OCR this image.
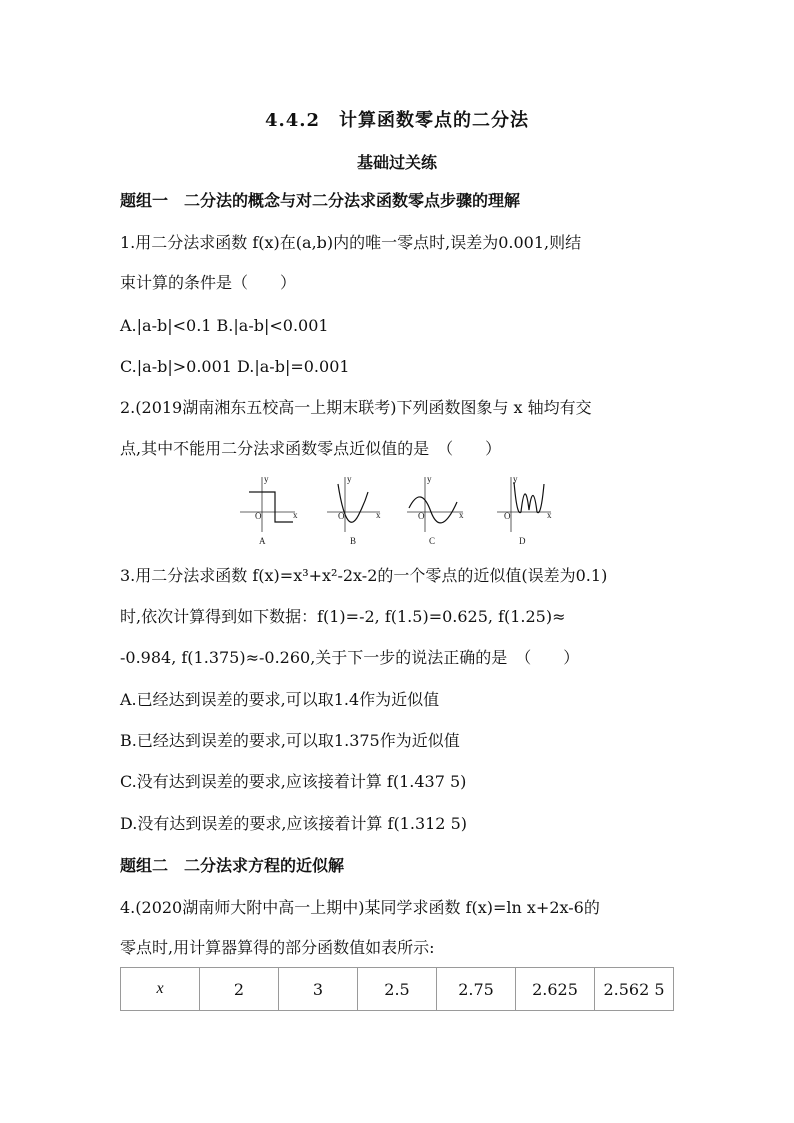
4.4.2　计算函数零点的二分法
基础过关练
题组一　二分法的概念与对二分法求函数零点步骤的理解
1.用二分法求函数 f(x)在(a,b)内的唯一零点时,误差为0.001,则结
束计算的条件是（　　）
A.|a-b|<0.1 B.|a-b|<0.001
C.|a-b|>0.001 D.|a-b|=0.001
2.(2019湖南湘东五校高一上期末联考)下列函数图象与 x 轴均有交
点,其中不能用二分法求函数零点近似值的是　（　　）
x
y
O
A
x
y
O
B
x
y
O
C
x
y
O
D
3.用二分法求函数 f(x)=x³+x²-2x-2的一个零点的近似值(误差为0.1)
时,依次计算得到如下数据：f(1)=-2, f(1.5)=0.625, f(1.25)≈
-0.984, f(1.375)≈-0.260,关于下一步的说法正确的是　（　　）
A.已经达到误差的要求,可以取1.4作为近似值
B.已经达到误差的要求,可以取1.375作为近似值
C.没有达到误差的要求,应该接着计算 f(1.437 5)
D.没有达到误差的要求,应该接着计算 f(1.312 5)
题组二　二分法求方程的近似解
4.(2020湖南师大附中高一上期中)某同学求函数 f(x)=ln x+2x-6的
零点时,用计算器算得的部分函数值如表所示:
x	2	3	2.5	2.75	2.625	2.562 5
